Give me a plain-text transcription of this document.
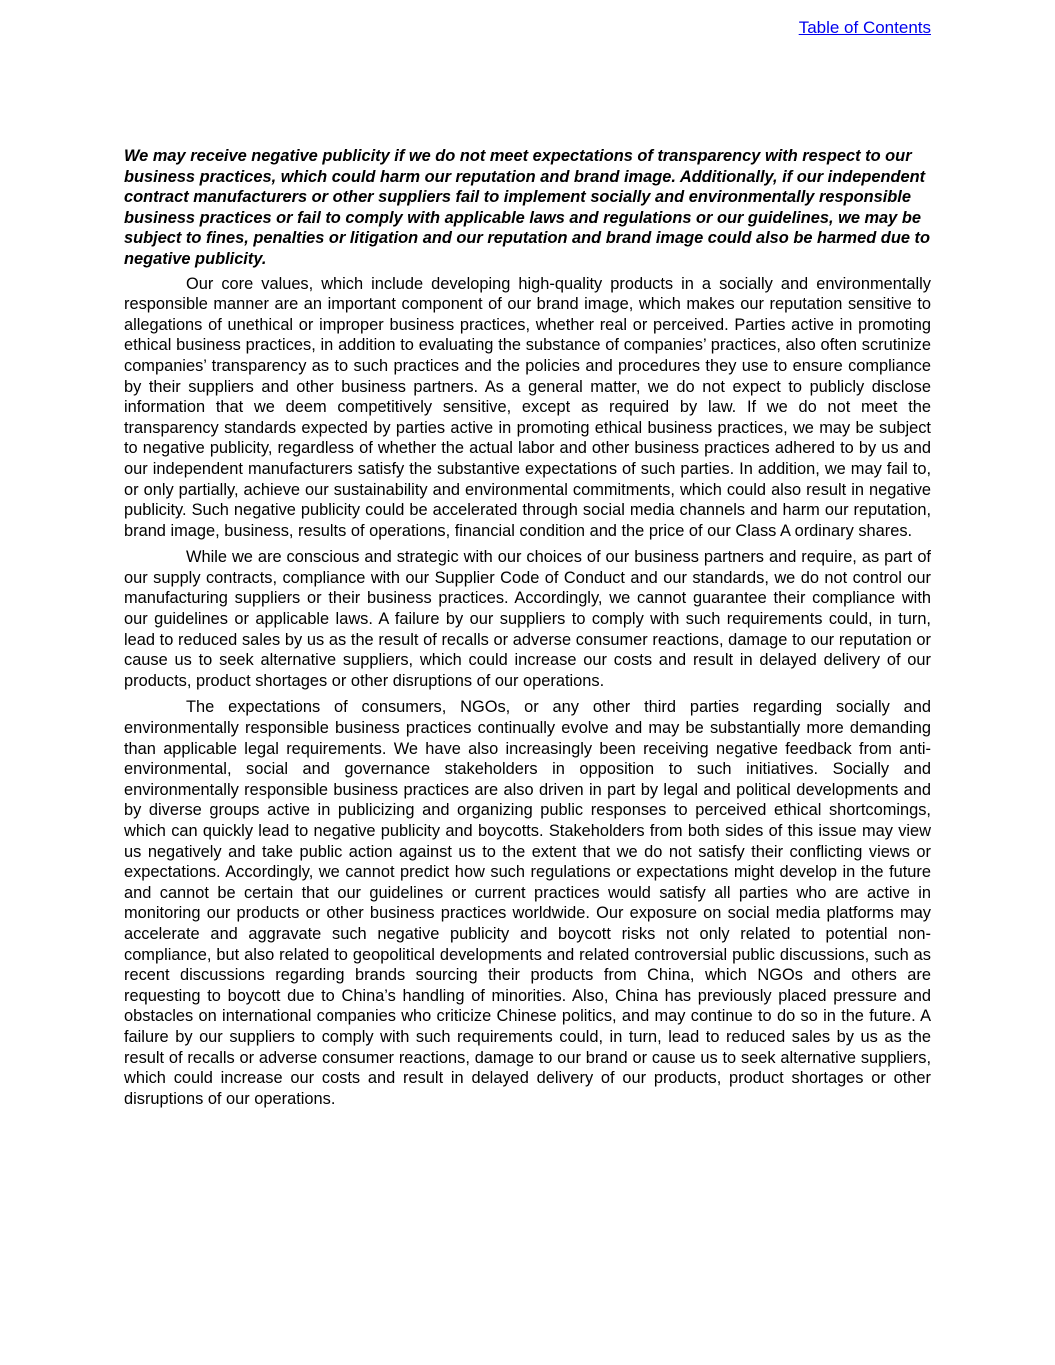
Table of Contents

We may receive negative publicity if we do not meet expectations of transparency with respect to our business practices, which could harm our reputation and brand image. Additionally, if our independent contract manufacturers or other suppliers fail to implement socially and environmentally responsible business practices or fail to comply with applicable laws and regulations or our guidelines, we may be subject to fines, penalties or litigation and our reputation and brand image could also be harmed due to negative publicity.

Our core values, which include developing high-quality products in a socially and environmentally responsible manner are an important component of our brand image, which makes our reputation sensitive to allegations of unethical or improper business practices, whether real or perceived. Parties active in promoting ethical business practices, in addition to evaluating the substance of companies’ practices, also often scrutinize companies’ transparency as to such practices and the policies and procedures they use to ensure compliance by their suppliers and other business partners. As a general matter, we do not expect to publicly disclose information that we deem competitively sensitive, except as required by law. If we do not meet the transparency standards expected by parties active in promoting ethical business practices, we may be subject to negative publicity, regardless of whether the actual labor and other business practices adhered to by us and our independent manufacturers satisfy the substantive expectations of such parties. In addition, we may fail to, or only partially, achieve our sustainability and environmental commitments, which could also result in negative publicity. Such negative publicity could be accelerated through social media channels and harm our reputation, brand image, business, results of operations, financial condition and the price of our Class A ordinary shares.

While we are conscious and strategic with our choices of our business partners and require, as part of our supply contracts, compliance with our Supplier Code of Conduct and our standards, we do not control our manufacturing suppliers or their business practices. Accordingly, we cannot guarantee their compliance with our guidelines or applicable laws. A failure by our suppliers to comply with such requirements could, in turn, lead to reduced sales by us as the result of recalls or adverse consumer reactions, damage to our reputation or cause us to seek alternative suppliers, which could increase our costs and result in delayed delivery of our products, product shortages or other disruptions of our operations.

The expectations of consumers, NGOs, or any other third parties regarding socially and environmentally responsible business practices continually evolve and may be substantially more demanding than applicable legal requirements. We have also increasingly been receiving negative feedback from anti-environmental, social and governance stakeholders in opposition to such initiatives. Socially and environmentally responsible business practices are also driven in part by legal and political developments and by diverse groups active in publicizing and organizing public responses to perceived ethical shortcomings, which can quickly lead to negative publicity and boycotts. Stakeholders from both sides of this issue may view us negatively and take public action against us to the extent that we do not satisfy their conflicting views or expectations. Accordingly, we cannot predict how such regulations or expectations might develop in the future and cannot be certain that our guidelines or current practices would satisfy all parties who are active in monitoring our products or other business practices worldwide. Our exposure on social media platforms may accelerate and aggravate such negative publicity and boycott risks not only related to potential non-compliance, but also related to geopolitical developments and related controversial public discussions, such as recent discussions regarding brands sourcing their products from China, which NGOs and others are requesting to boycott due to China’s handling of minorities. Also, China has previously placed pressure and obstacles on international companies who criticize Chinese politics, and may continue to do so in the future. A failure by our suppliers to comply with such requirements could, in turn, lead to reduced sales by us as the result of recalls or adverse consumer reactions, damage to our brand or cause us to seek alternative suppliers, which could increase our costs and result in delayed delivery of our products, product shortages or other disruptions of our operations.
